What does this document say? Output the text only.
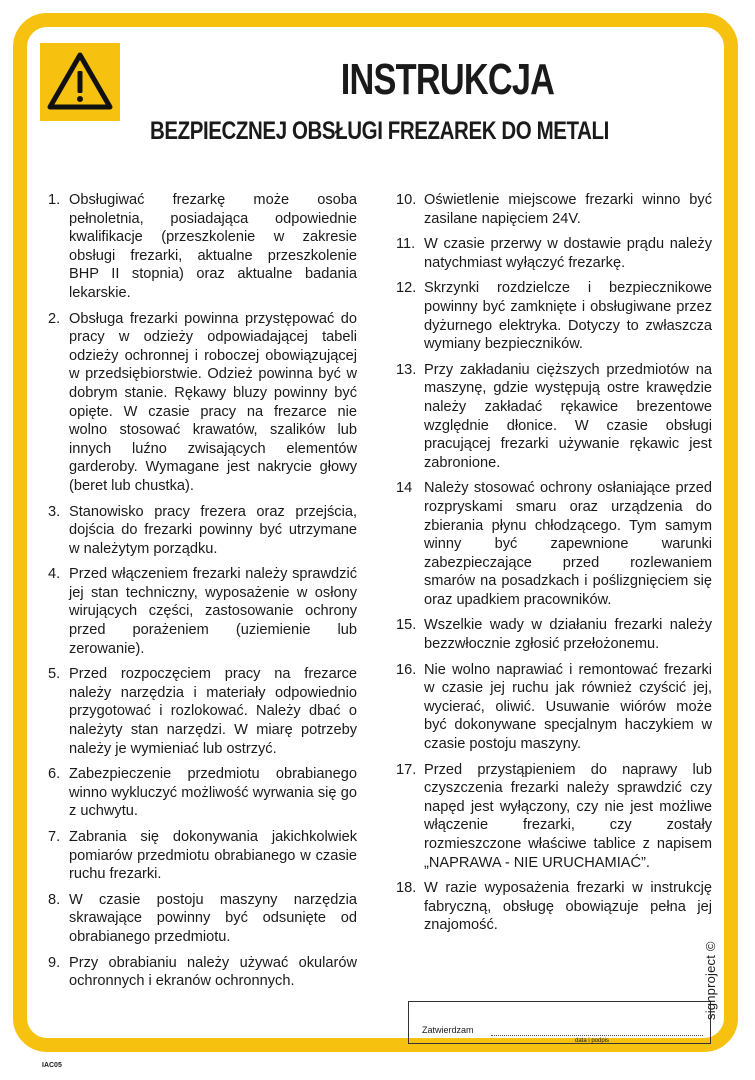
INSTRUKCJA
BEZPIECZNEJ OBSŁUGI FREZAREK DO METALI
1. Obsługiwać frezarkę może osoba pełnoletnia, posiadająca odpowiednie kwalifikacje (przeszkolenie w zakresie obsługi frezarki, aktualne przeszkolenie BHP II stopnia) oraz aktualne badania lekarskie.
2. Obsługa frezarki powinna przystępować do pracy w odzieży odpowiadającej tabeli odzieży ochronnej i roboczej obowiązującej w przedsiębiorstwie. Odzież powinna być w dobrym stanie. Rękawy bluzy powinny być opięte. W czasie pracy na frezarce nie wolno stosować krawatów, szalików lub innych luźno zwisających elementów garderoby. Wymagane jest nakrycie głowy (beret lub chustka).
3. Stanowisko pracy frezera oraz przejścia, dojścia do frezarki powinny być utrzymane w należytym porządku.
4. Przed włączeniem frezarki należy sprawdzić jej stan techniczny, wyposażenie w osłony wirujących części, zastosowanie ochrony przed porażeniem (uziemienie lub zerowanie).
5. Przed rozpoczęciem pracy na frezarce należy narzędzia i materiały odpowiednio przygotować i rozlokować. Należy dbać o należyty stan narzędzi. W miarę potrzeby należy je wymieniać lub ostrzyć.
6. Zabezpieczenie przedmiotu obrabianego winno wykluczyć możliwość wyrwania się go z uchwytu.
7. Zabrania się dokonywania jakichkolwiek pomiarów przedmiotu obrabianego w czasie ruchu frezarki.
8. W czasie postoju maszyny narzędzia skrawające powinny być odsunięte od obrabianego przedmiotu.
9. Przy obrabianiu należy używać okularów ochronnych i ekranów ochronnych.
10. Oświetlenie miejscowe frezarki winno być zasilane napięciem 24V.
11. W czasie przerwy w dostawie prądu należy natychmiast wyłączyć frezarkę.
12. Skrzynki rozdzielcze i bezpiecznikowe powinny być zamknięte i obsługiwane przez dyżurnego elektryka. Dotyczy to zwłaszcza wymiany bezpieczników.
13. Przy zakładaniu cięższych przedmiotów na maszynę, gdzie występują ostre krawędzie należy zakładać rękawice brezentowe względnie dłonice. W czasie obsługi pracującej frezarki używanie rękawic jest zabronione.
14 Należy stosować ochrony osłaniające przed rozpryskami smaru oraz urządzenia do zbierania płynu chłodzącego. Tym samym winny być zapewnione warunki zabezpieczające przed rozlewaniem smarów na posadzkach i poślizgnięciem się oraz upadkiem pracowników.
15. Wszelkie wady w działaniu frezarki należy bezzwłocznie zgłosić przełożonemu.
16. Nie wolno naprawiać i remontować frezarki w czasie jej ruchu jak również czyścić jej, wycierać, oliwić. Usuwanie wiórów może być dokonywane specjalnym haczykiem w czasie postoju maszyny.
17. Przed przystąpieniem do naprawy lub czyszczenia frezarki należy sprawdzić czy napęd jest wyłączony, czy nie jest możliwe włączenie frezarki, czy zostały rozmieszczone właściwe tablice z napisem „NAPRAWA - NIE URUCHAMIAĆ”.
18. W razie wyposażenia frezarki w instrukcję fabryczną, obsługę obowiązuje pełna jej znajomość.
Zatwierdzam
data i podpis
signproject ©
IAC05
